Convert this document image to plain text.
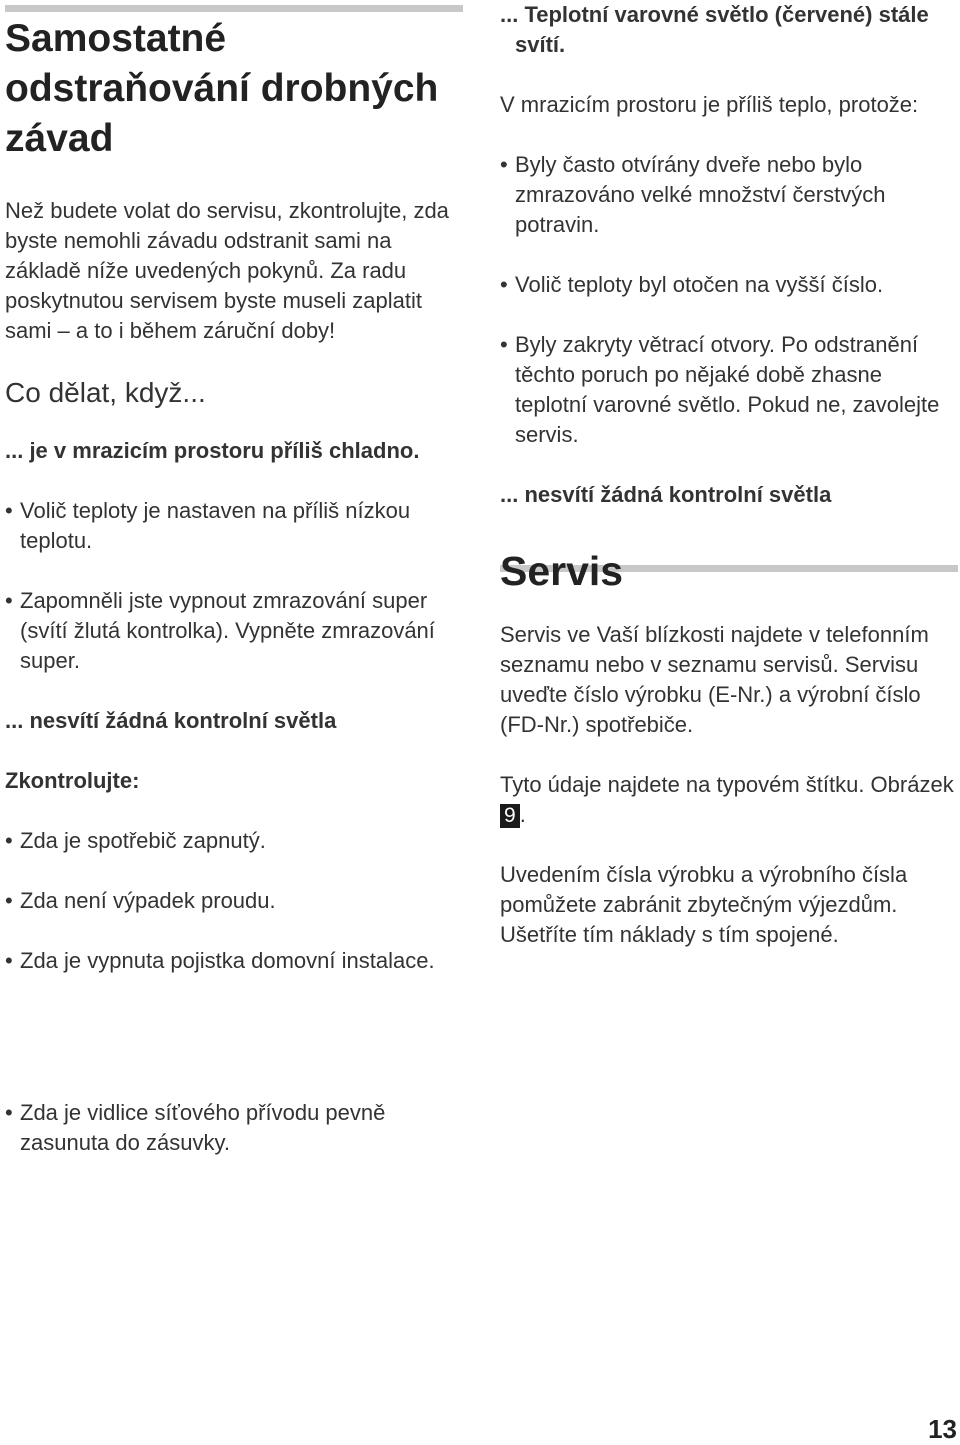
Samostatné odstraňování drobných závad

Než budete volat do servisu, zkontrolujte, zda byste nemohli závadu odstranit sami na základě níže uvedených pokynů. Za radu poskytnutou servisem byste museli zaplatit sami – a to i během záruční doby!

Co dělat, když...
... je v mrazicím prostoru příliš chladno.
• Volič teploty je nastaven na příliš nízkou teplotu.
• Zapomněli jste vypnout zmrazování super (svítí žlutá kontrolka). Vypněte zmrazování super.
... nesvítí žádná kontrolní světla

Zkontrolujte:

• Zda je spotřebič zapnutý.
• Zda není výpadek proudu.
• Zda je vypnuta pojistka domovní instalace.
• Zda je vidlice síťového přívodu pevně zasunuta do zásuvky.
... Teplotní varovné světlo (červené) stále svítí.

V mrazicím prostoru je příliš teplo, protože:

• Byly často otvírány dveře nebo bylo zmrazováno velké množství čerstvých potravin.
• Volič teploty byl otočen na vyšší číslo.
• Byly zakryty větrací otvory. Po odstranění těchto poruch po nějaké době zhasne teplotní varovné světlo. Pokud ne, zavolejte servis.
... nesvítí žádná kontrolní světla
Servis

Servis ve Vaší blízkosti najdete v telefonním seznamu nebo v seznamu servisů. Servisu uveďte číslo výrobku (E-Nr.) a výrobní číslo (FD-Nr.) spotřebiče.

Tyto údaje najdete na typovém štítku. Obrázek 9 .

Uvedením čísla výrobku a výrobního čísla pomůžete zabránit zbytečným výjezdům. Ušetříte tím náklady s tím spojené.

13
